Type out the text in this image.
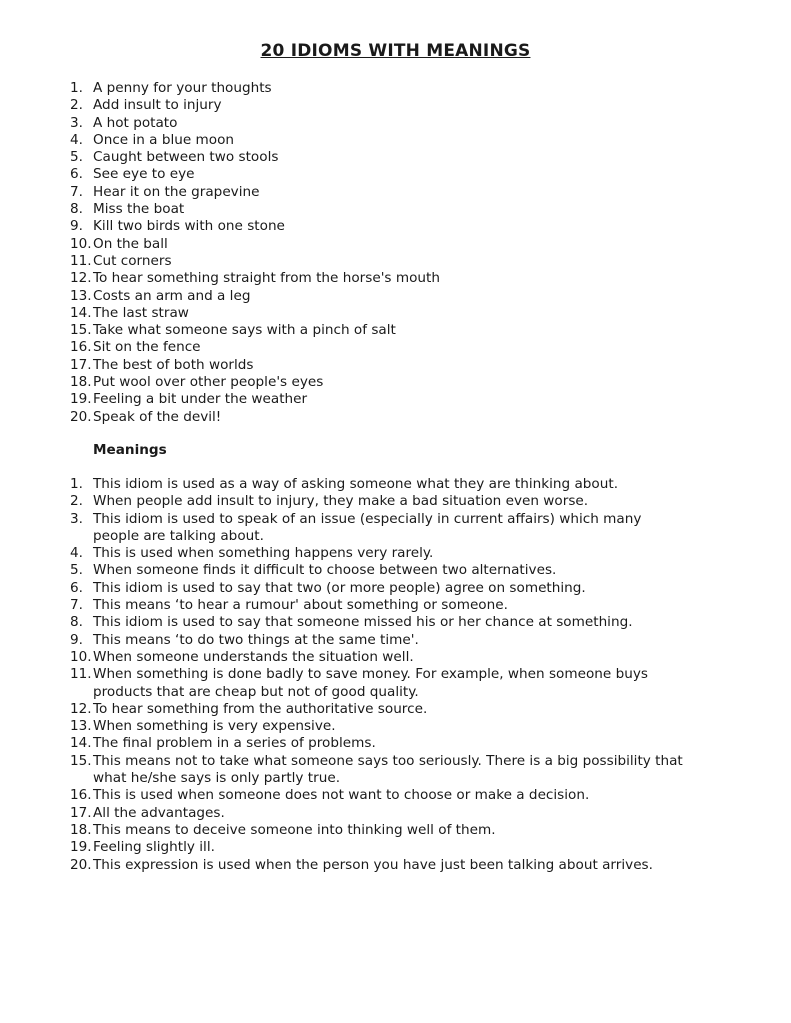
20 IDIOMS WITH MEANINGS
1. A penny for your thoughts
2. Add insult to injury
3. A hot potato
4. Once in a blue moon
5. Caught between two stools
6. See eye to eye
7. Hear it on the grapevine
8. Miss the boat
9. Kill two birds with one stone
10. On the ball
11. Cut corners
12. To hear something straight from the horse's mouth
13. Costs an arm and a leg
14. The last straw
15. Take what someone says with a pinch of salt
16. Sit on the fence
17. The best of both worlds
18. Put wool over other people's eyes
19. Feeling a bit under the weather
20. Speak of the devil!
Meanings
1. This idiom is used as a way of asking someone what they are thinking about.
2. When people add insult to injury, they make a bad situation even worse.
3. This idiom is used to speak of an issue (especially in current affairs) which many people are talking about.
4. This is used when something happens very rarely.
5. When someone finds it difficult to choose between two alternatives.
6. This idiom is used to say that two (or more people) agree on something.
7. This means ‘to hear a rumour' about something or someone.
8. This idiom is used to say that someone missed his or her chance at something.
9. This means ‘to do two things at the same time'.
10. When someone understands the situation well.
11. When something is done badly to save money. For example, when someone buys products that are cheap but not of good quality.
12. To hear something from the authoritative source.
13. When something is very expensive.
14. The final problem in a series of problems.
15. This means not to take what someone says too seriously. There is a big possibility that what he/she says is only partly true.
16. This is used when someone does not want to choose or make a decision.
17. All the advantages.
18. This means to deceive someone into thinking well of them.
19. Feeling slightly ill.
20. This expression is used when the person you have just been talking about arrives.
